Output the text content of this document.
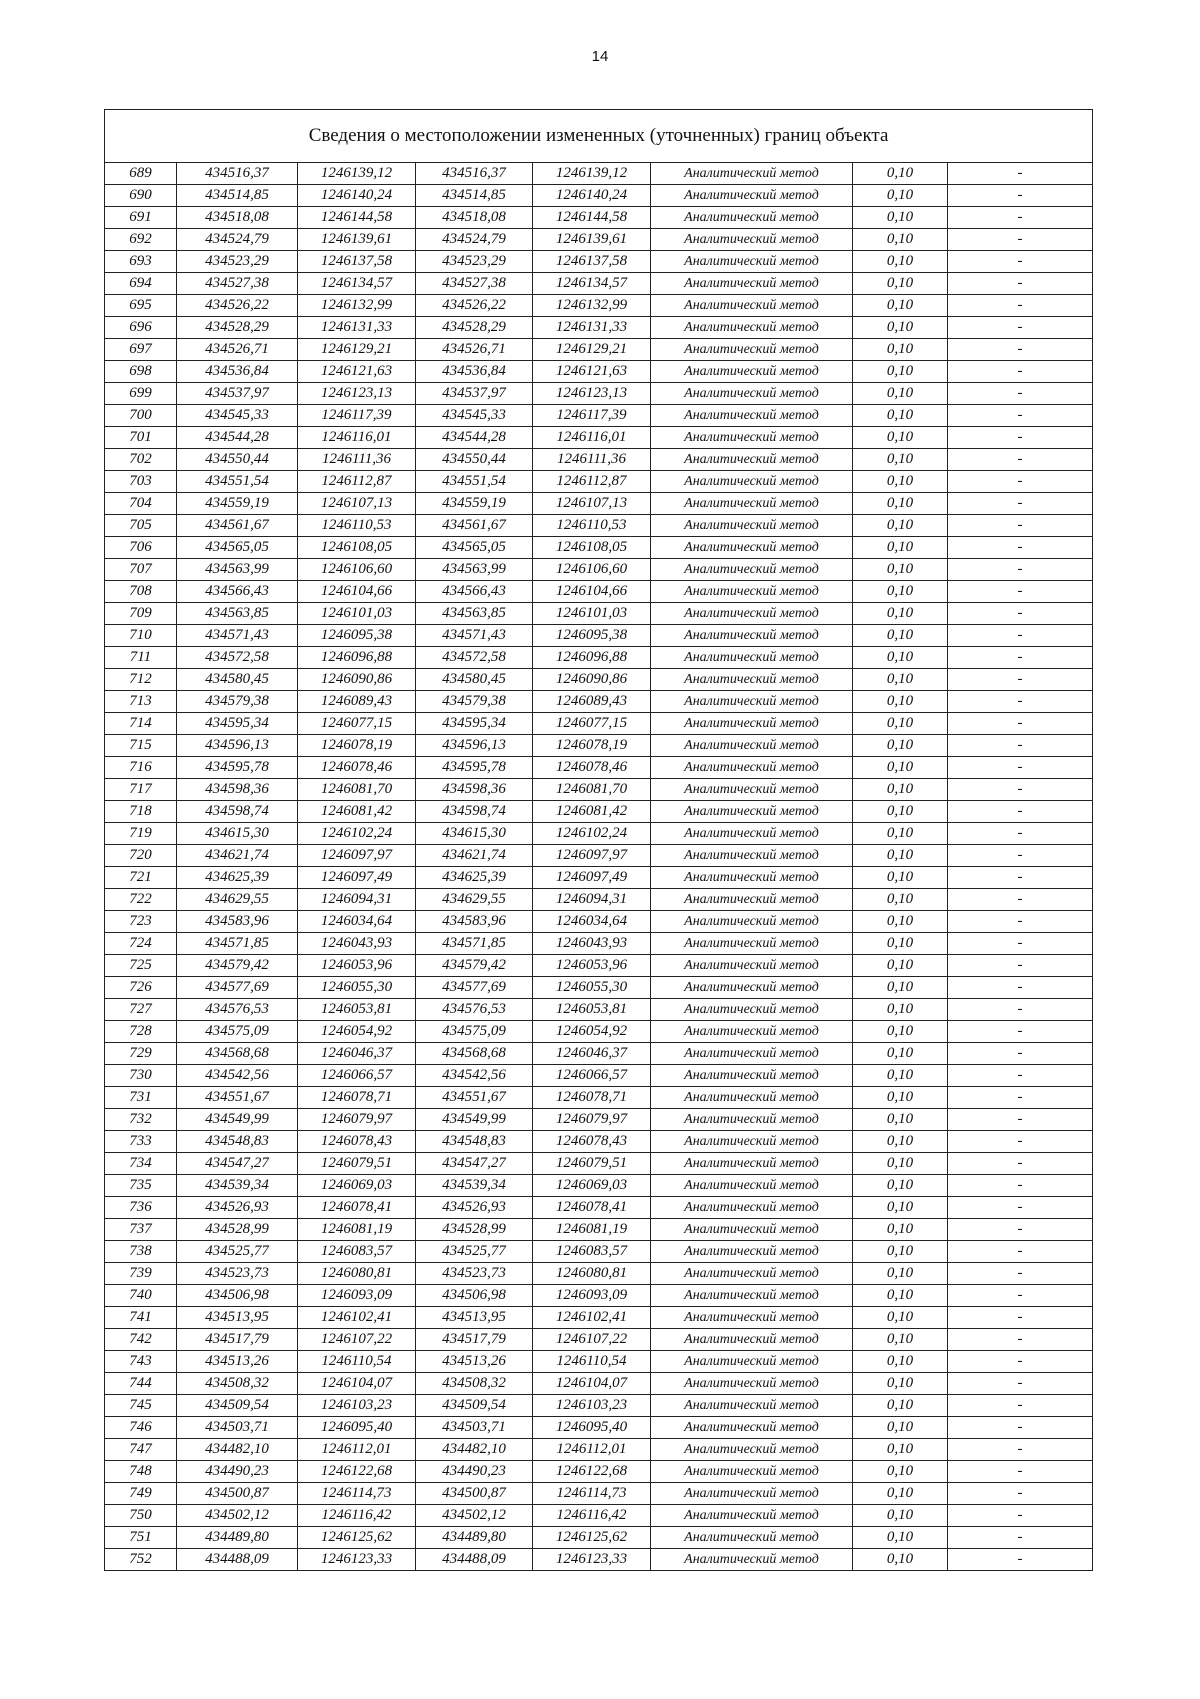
14
Сведения о местоположении измененных (уточненных) границ объекта							
689	434516,37	1246139,12	434516,37	1246139,12	Аналитический метод	0,10	-
690	434514,85	1246140,24	434514,85	1246140,24	Аналитический метод	0,10	-
691	434518,08	1246144,58	434518,08	1246144,58	Аналитический метод	0,10	-
692	434524,79	1246139,61	434524,79	1246139,61	Аналитический метод	0,10	-
693	434523,29	1246137,58	434523,29	1246137,58	Аналитический метод	0,10	-
694	434527,38	1246134,57	434527,38	1246134,57	Аналитический метод	0,10	-
695	434526,22	1246132,99	434526,22	1246132,99	Аналитический метод	0,10	-
696	434528,29	1246131,33	434528,29	1246131,33	Аналитический метод	0,10	-
697	434526,71	1246129,21	434526,71	1246129,21	Аналитический метод	0,10	-
698	434536,84	1246121,63	434536,84	1246121,63	Аналитический метод	0,10	-
699	434537,97	1246123,13	434537,97	1246123,13	Аналитический метод	0,10	-
700	434545,33	1246117,39	434545,33	1246117,39	Аналитический метод	0,10	-
701	434544,28	1246116,01	434544,28	1246116,01	Аналитический метод	0,10	-
702	434550,44	1246111,36	434550,44	1246111,36	Аналитический метод	0,10	-
703	434551,54	1246112,87	434551,54	1246112,87	Аналитический метод	0,10	-
704	434559,19	1246107,13	434559,19	1246107,13	Аналитический метод	0,10	-
705	434561,67	1246110,53	434561,67	1246110,53	Аналитический метод	0,10	-
706	434565,05	1246108,05	434565,05	1246108,05	Аналитический метод	0,10	-
707	434563,99	1246106,60	434563,99	1246106,60	Аналитический метод	0,10	-
708	434566,43	1246104,66	434566,43	1246104,66	Аналитический метод	0,10	-
709	434563,85	1246101,03	434563,85	1246101,03	Аналитический метод	0,10	-
710	434571,43	1246095,38	434571,43	1246095,38	Аналитический метод	0,10	-
711	434572,58	1246096,88	434572,58	1246096,88	Аналитический метод	0,10	-
712	434580,45	1246090,86	434580,45	1246090,86	Аналитический метод	0,10	-
713	434579,38	1246089,43	434579,38	1246089,43	Аналитический метод	0,10	-
714	434595,34	1246077,15	434595,34	1246077,15	Аналитический метод	0,10	-
715	434596,13	1246078,19	434596,13	1246078,19	Аналитический метод	0,10	-
716	434595,78	1246078,46	434595,78	1246078,46	Аналитический метод	0,10	-
717	434598,36	1246081,70	434598,36	1246081,70	Аналитический метод	0,10	-
718	434598,74	1246081,42	434598,74	1246081,42	Аналитический метод	0,10	-
719	434615,30	1246102,24	434615,30	1246102,24	Аналитический метод	0,10	-
720	434621,74	1246097,97	434621,74	1246097,97	Аналитический метод	0,10	-
721	434625,39	1246097,49	434625,39	1246097,49	Аналитический метод	0,10	-
722	434629,55	1246094,31	434629,55	1246094,31	Аналитический метод	0,10	-
723	434583,96	1246034,64	434583,96	1246034,64	Аналитический метод	0,10	-
724	434571,85	1246043,93	434571,85	1246043,93	Аналитический метод	0,10	-
725	434579,42	1246053,96	434579,42	1246053,96	Аналитический метод	0,10	-
726	434577,69	1246055,30	434577,69	1246055,30	Аналитический метод	0,10	-
727	434576,53	1246053,81	434576,53	1246053,81	Аналитический метод	0,10	-
728	434575,09	1246054,92	434575,09	1246054,92	Аналитический метод	0,10	-
729	434568,68	1246046,37	434568,68	1246046,37	Аналитический метод	0,10	-
730	434542,56	1246066,57	434542,56	1246066,57	Аналитический метод	0,10	-
731	434551,67	1246078,71	434551,67	1246078,71	Аналитический метод	0,10	-
732	434549,99	1246079,97	434549,99	1246079,97	Аналитический метод	0,10	-
733	434548,83	1246078,43	434548,83	1246078,43	Аналитический метод	0,10	-
734	434547,27	1246079,51	434547,27	1246079,51	Аналитический метод	0,10	-
735	434539,34	1246069,03	434539,34	1246069,03	Аналитический метод	0,10	-
736	434526,93	1246078,41	434526,93	1246078,41	Аналитический метод	0,10	-
737	434528,99	1246081,19	434528,99	1246081,19	Аналитический метод	0,10	-
738	434525,77	1246083,57	434525,77	1246083,57	Аналитический метод	0,10	-
739	434523,73	1246080,81	434523,73	1246080,81	Аналитический метод	0,10	-
740	434506,98	1246093,09	434506,98	1246093,09	Аналитический метод	0,10	-
741	434513,95	1246102,41	434513,95	1246102,41	Аналитический метод	0,10	-
742	434517,79	1246107,22	434517,79	1246107,22	Аналитический метод	0,10	-
743	434513,26	1246110,54	434513,26	1246110,54	Аналитический метод	0,10	-
744	434508,32	1246104,07	434508,32	1246104,07	Аналитический метод	0,10	-
745	434509,54	1246103,23	434509,54	1246103,23	Аналитический метод	0,10	-
746	434503,71	1246095,40	434503,71	1246095,40	Аналитический метод	0,10	-
747	434482,10	1246112,01	434482,10	1246112,01	Аналитический метод	0,10	-
748	434490,23	1246122,68	434490,23	1246122,68	Аналитический метод	0,10	-
749	434500,87	1246114,73	434500,87	1246114,73	Аналитический метод	0,10	-
750	434502,12	1246116,42	434502,12	1246116,42	Аналитический метод	0,10	-
751	434489,80	1246125,62	434489,80	1246125,62	Аналитический метод	0,10	-
752	434488,09	1246123,33	434488,09	1246123,33	Аналитический метод	0,10	-
